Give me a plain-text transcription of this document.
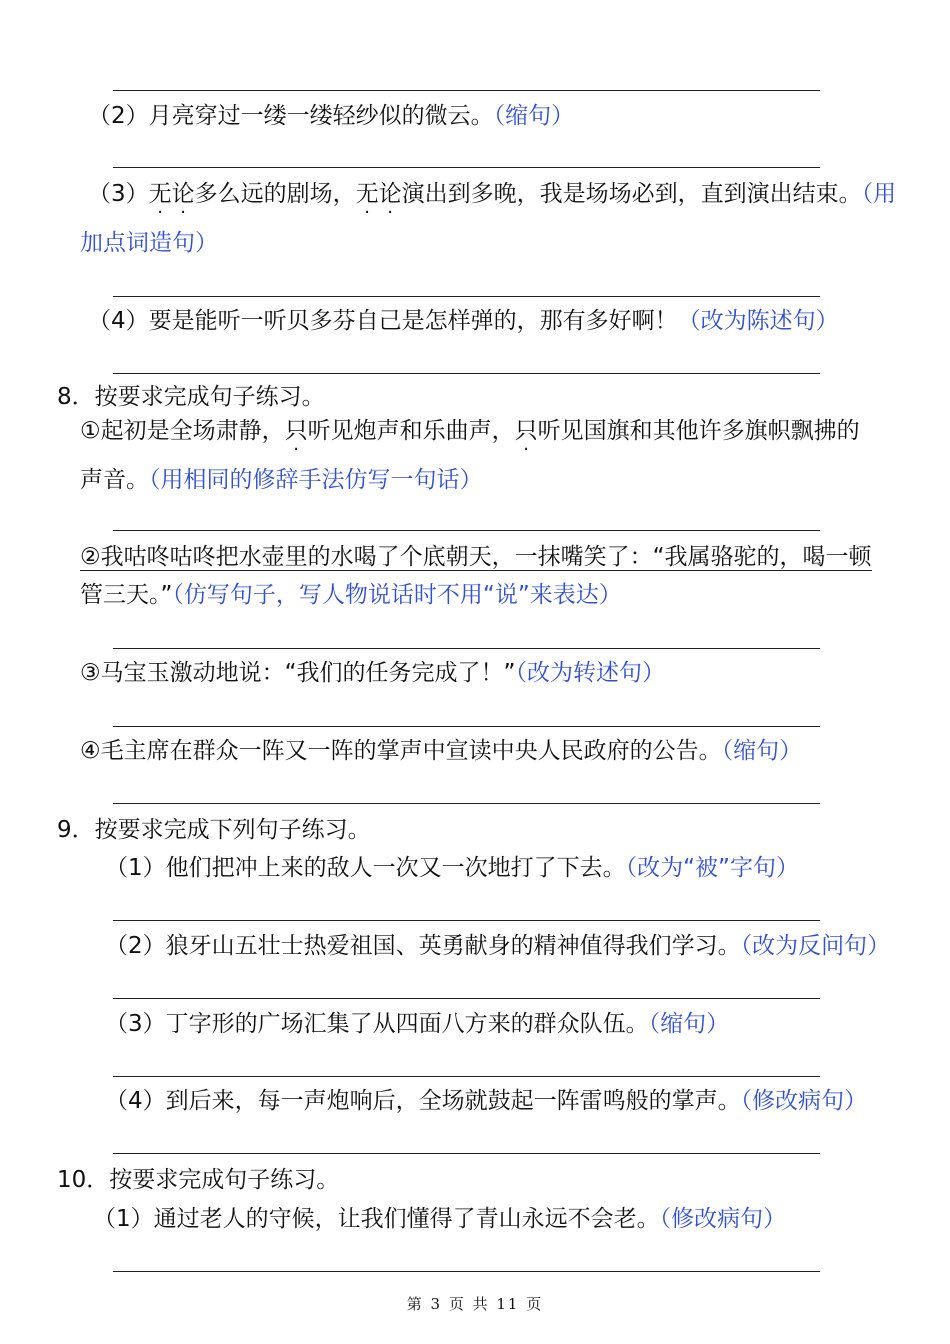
（2）月亮穿过一缕一缕轻纱似的微云。（缩句）
（3）无论多么远的剧场，无论演出到多晚，我是场场必到，直到演出结束。（用
加点词造句）
（4）要是能听一听贝多芬自己是怎样弹的，那有多好啊！（改为陈述句）
8．按要求完成句子练习。
①起初是全场肃静，只听见炮声和乐曲声，只听见国旗和其他许多旗帜飘拂的
声音。（用相同的修辞手法仿写一句话）
②我咕咚咕咚把水壶里的水喝了个底朝天，一抹嘴笑了：“我属骆驼的，喝一顿
管三天。”（仿写句子，写人物说话时不用“说”来表达）
③马宝玉激动地说：“我们的任务完成了！”（改为转述句）
④毛主席在群众一阵又一阵的掌声中宣读中央人民政府的公告。（缩句）
9．按要求完成下列句子练习。
（1）他们把冲上来的敌人一次又一次地打了下去。（改为“被”字句）
（2）狼牙山五壮士热爱祖国、英勇献身的精神值得我们学习。（改为反问句）
（3）丁字形的广场汇集了从四面八方来的群众队伍。（缩句）
（4）到后来，每一声炮响后，全场就鼓起一阵雷鸣般的掌声。（修改病句）
10．按要求完成句子练习。
（1）通过老人的守候，让我们懂得了青山永远不会老。（修改病句）
第 3 页 共 11 页
